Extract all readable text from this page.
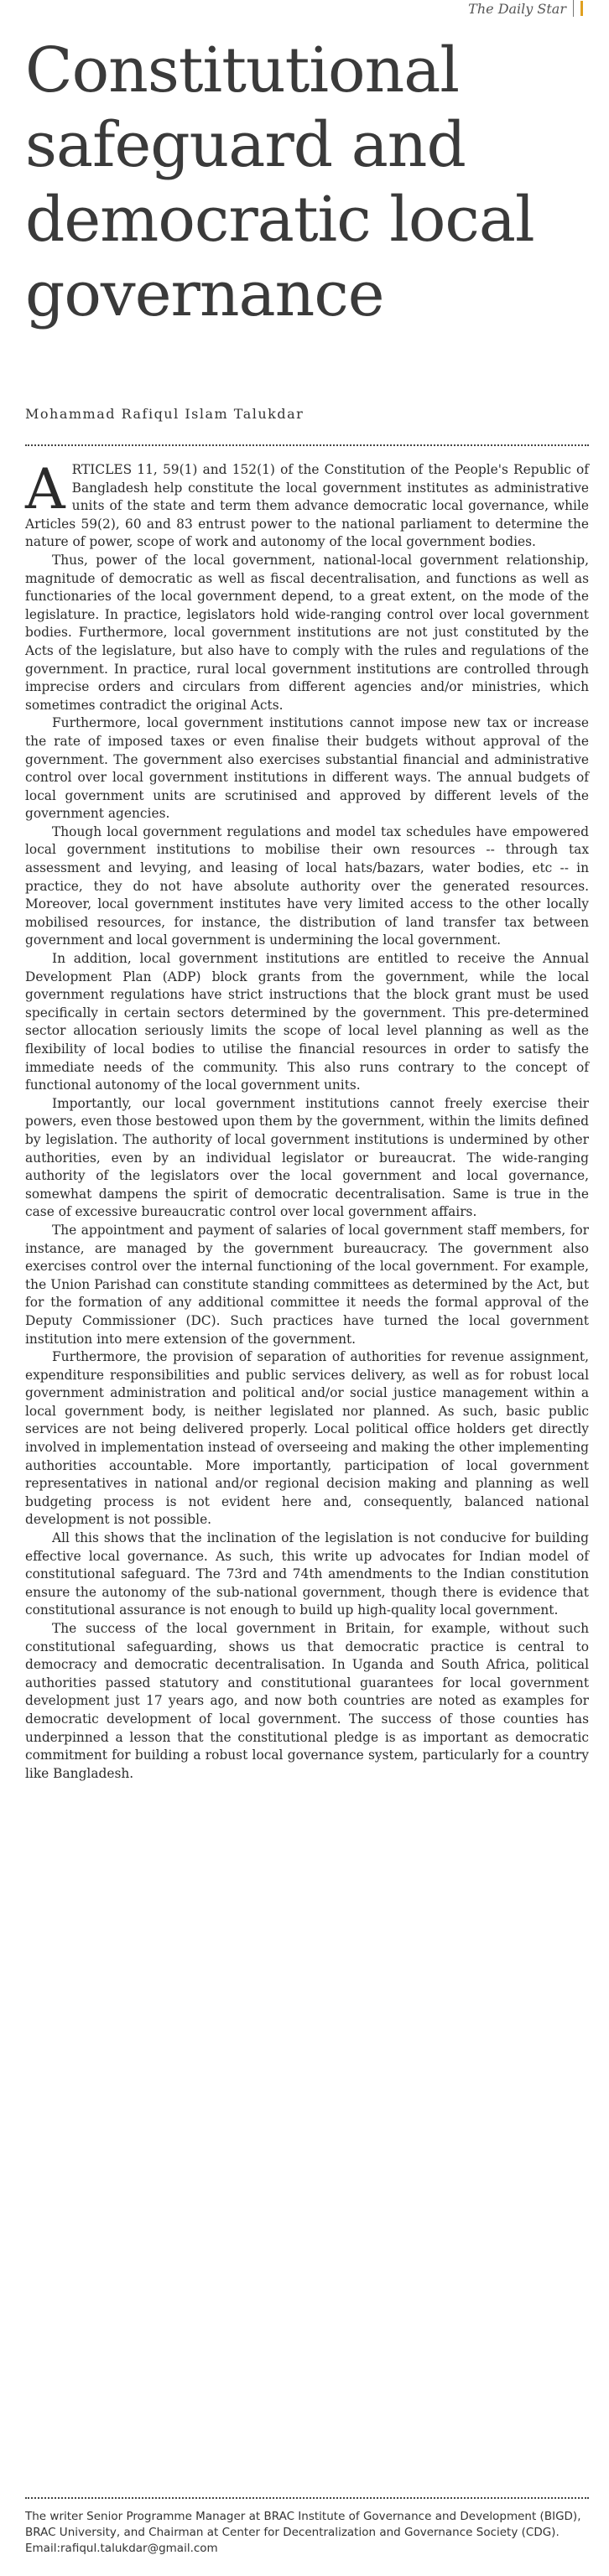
The Daily Star
Constitutional safeguard and democratic local governance
Mohammad Rafiqul Islam Talukdar

ARTICLES 11, 59(1) and 152(1) of the Constitution of the People's Republic of Bangladesh help constitute the local government institutes as administrative units of the state and term them advance democratic local governance, while Articles 59(2), 60 and 83 entrust power to the national parliament to determine the nature of power, scope of work and autonomy of the local government bodies.

Thus, power of the local government, national-local government relationship, magnitude of democratic as well as fiscal decentralisation, and functions as well as functionaries of the local government depend, to a great extent, on the mode of the legislature. In practice, legislators hold wide-ranging control over local government bodies. Furthermore, local government institutions are not just constituted by the Acts of the legislature, but also have to comply with the rules and regulations of the government. In practice, rural local government institutions are controlled through imprecise orders and circulars from different agencies and/or ministries, which sometimes contradict the original Acts.

Furthermore, local government institutions cannot impose new tax or increase the rate of imposed taxes or even finalise their budgets without approval of the government. The government also exercises substantial financial and administrative control over local government institutions in different ways. The annual budgets of local government units are scrutinised and approved by different levels of the government agencies.

Though local government regulations and model tax schedules have empowered local government institutions to mobilise their own resources -- through tax assessment and levying, and leasing of local hats/bazars, water bodies, etc -- in practice, they do not have absolute authority over the generated resources. Moreover, local government institutes have very limited access to the other locally mobilised resources, for instance, the distribution of land transfer tax between government and local government is undermining the local government.

In addition, local government institutions are entitled to receive the Annual Development Plan (ADP) block grants from the government, while the local government regulations have strict instructions that the block grant must be used specifically in certain sectors determined by the government. This pre-determined sector allocation seriously limits the scope of local level planning as well as the flexibility of local bodies to utilise the financial resources in order to satisfy the immediate needs of the community. This also runs contrary to the concept of functional autonomy of the local government units.

Importantly, our local government institutions cannot freely exercise their powers, even those bestowed upon them by the government, within the limits defined by legislation. The authority of local government institutions is undermined by other authorities, even by an individual legislator or bureaucrat. The wide-ranging authority of the legislators over the local government and local governance, somewhat dampens the spirit of democratic decentralisation. Same is true in the case of excessive bureaucratic control over local government affairs.

The appointment and payment of salaries of local government staff members, for instance, are managed by the government bureaucracy. The government also exercises control over the internal functioning of the local government. For example, the Union Parishad can constitute standing committees as determined by the Act, but for the formation of any additional committee it needs the formal approval of the Deputy Commissioner (DC). Such practices have turned the local government institution into mere extension of the government.

Furthermore, the provision of separation of authorities for revenue assignment, expenditure responsibilities and public services delivery, as well as for robust local government administration and political and/or social justice management within a local government body, is neither legislated nor planned. As such, basic public services are not being delivered properly. Local political office holders get directly involved in implementation instead of overseeing and making the other implementing authorities accountable. More importantly, participation of local government representatives in national and/or regional decision making and planning as well budgeting process is not evident here and, consequently, balanced national development is not possible.

All this shows that the inclination of the legislation is not conducive for building effective local governance. As such, this write up advocates for Indian model of constitutional safeguard. The 73rd and 74th amendments to the Indian constitution ensure the autonomy of the sub-national government, though there is evidence that constitutional assurance is not enough to build up high-quality local government.

The success of the local government in Britain, for example, without such constitutional safeguarding, shows us that democratic practice is central to democracy and democratic decentralisation. In Uganda and South Africa, political authorities passed statutory and constitutional guarantees for local government development just 17 years ago, and now both countries are noted as examples for democratic development of local government. The success of those counties has underpinned a lesson that the constitutional pledge is as important as democratic commitment for building a robust local governance system, particularly for a country like Bangladesh.

The writer Senior Programme Manager at BRAC Institute of Governance and Development (BIGD), BRAC University, and Chairman at Center for Decentralization and Governance Society (CDG). Email:rafiqul.talukdar@gmail.com
